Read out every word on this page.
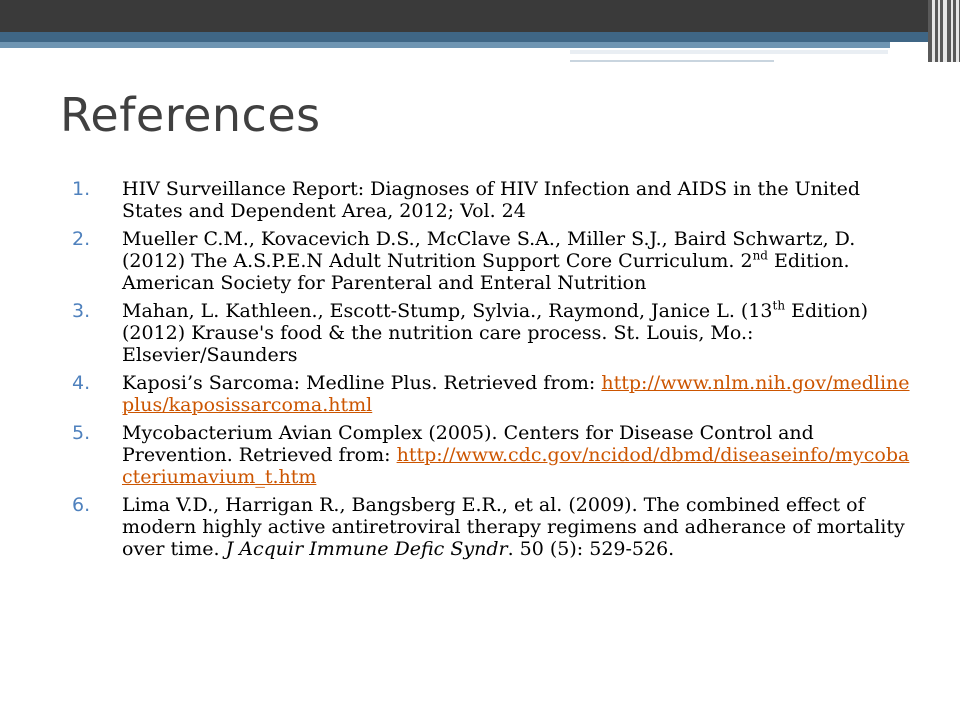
References
1.	HIV Surveillance Report: Diagnoses of HIV Infection and AIDS in the United States and Dependent Area, 2012; Vol. 24
2.	Mueller C.M., Kovacevich D.S., McClave S.A., Miller S.J., Baird Schwartz, D. (2012) The A.S.P.E.N Adult Nutrition Support Core Curriculum. 2nd Edition. American Society for Parenteral and Enteral Nutrition
3.	Mahan, L. Kathleen., Escott-Stump, Sylvia., Raymond, Janice L. (13th Edition) (2012) Krause's food & the nutrition care process. St. Louis, Mo.: Elsevier/Saunders
4.	Kaposi’s Sarcoma: Medline Plus. Retrieved from: http://www.nlm.nih.gov/medlineplus/kaposissarcoma.html
5.	Mycobacterium Avian Complex (2005). Centers for Disease Control and Prevention. Retrieved from: http://www.cdc.gov/ncidod/dbmd/diseaseinfo/mycobacteriumavium_t.htm
6.	Lima V.D., Harrigan R., Bangsberg E.R., et al. (2009). The combined effect of modern highly active antiretroviral therapy regimens and adherance of mortality over time. J Acquir Immune Defic Syndr. 50 (5): 529-526.
